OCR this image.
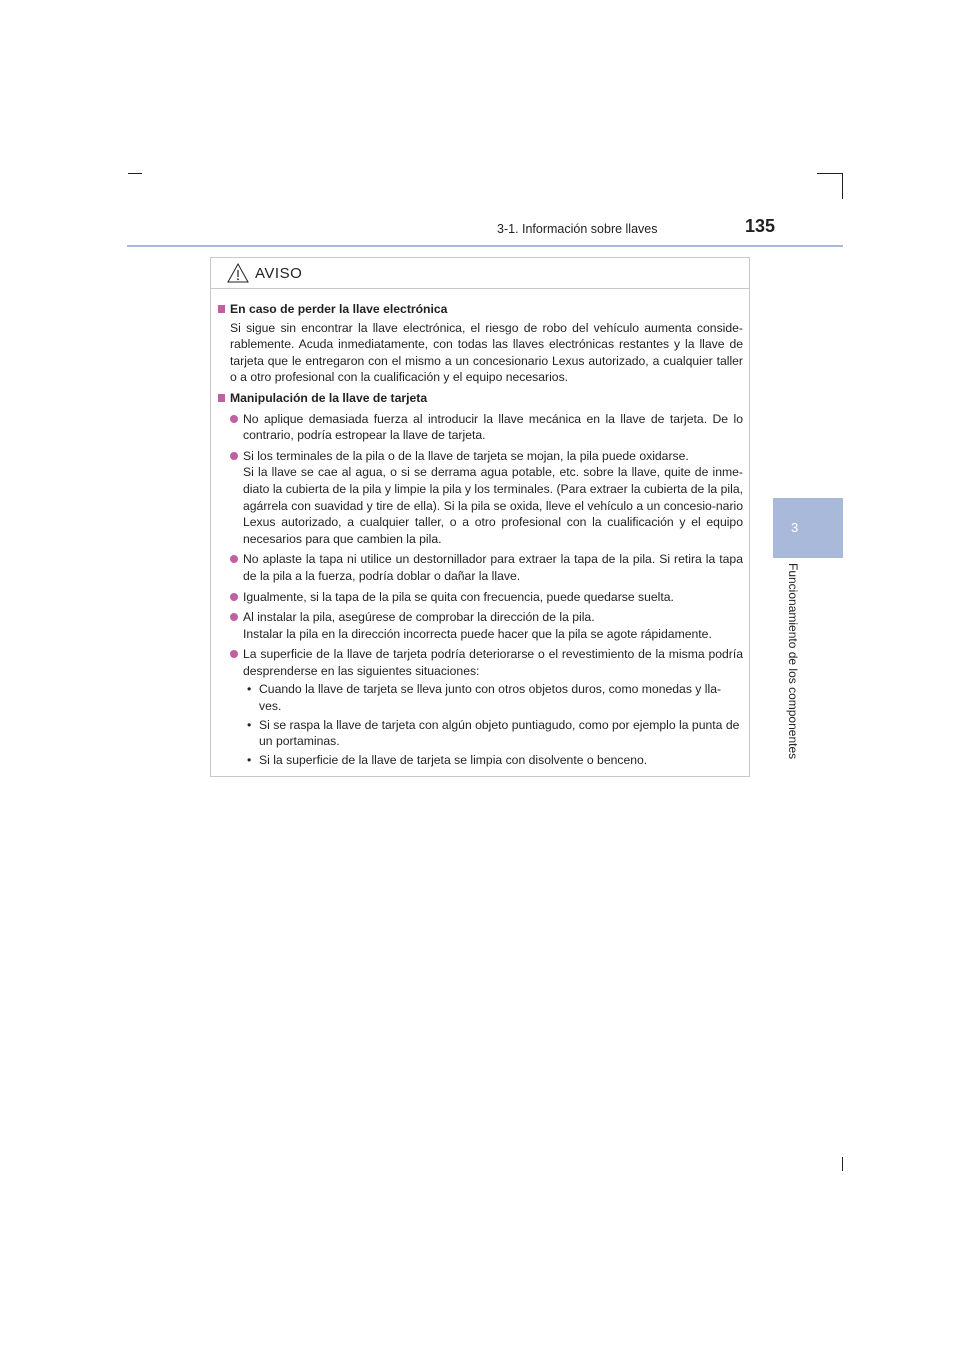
3-1. Información sobre llaves	135
3
Funcionamiento de los componentes
AVISO
En caso de perder la llave electrónica

Si sigue sin encontrar la llave electrónica, el riesgo de robo del vehículo aumenta conside-rablemente. Acuda inmediatamente, con todas las llaves electrónicas restantes y la llave de tarjeta que le entregaron con el mismo a un concesionario Lexus autorizado, a cualquier taller o a otro profesional con la cualificación y el equipo necesarios.

Manipulación de la llave de tarjeta

No aplique demasiada fuerza al introducir la llave mecánica en la llave de tarjeta. De lo contrario, podría estropear la llave de tarjeta.

Si los terminales de la pila o de la llave de tarjeta se mojan, la pila puede oxidarse.

Si la llave se cae al agua, o si se derrama agua potable, etc. sobre la llave, quite de inme-diato la cubierta de la pila y limpie la pila y los terminales. (Para extraer la cubierta de la pila, agárrela con suavidad y tire de ella). Si la pila se oxida, lleve el vehículo a un concesio-nario Lexus autorizado, a cualquier taller, o a otro profesional con la cualificación y el equipo necesarios para que cambien la pila.

No aplaste la tapa ni utilice un destornillador para extraer la tapa de la pila. Si retira la tapa de la pila a la fuerza, podría doblar o dañar la llave.

Igualmente, si la tapa de la pila se quita con frecuencia, puede quedarse suelta.

Al instalar la pila, asegúrese de comprobar la dirección de la pila.

Instalar la pila en la dirección incorrecta puede hacer que la pila se agote rápidamente.

La superficie de la llave de tarjeta podría deteriorarse o el revestimiento de la misma podría desprenderse en las siguientes situaciones:

• Cuando la llave de tarjeta se lleva junto con otros objetos duros, como monedas y lla-ves.
• Si se raspa la llave de tarjeta con algún objeto puntiagudo, como por ejemplo la punta de un portaminas.
• Si la superficie de la llave de tarjeta se limpia con disolvente o benceno.
